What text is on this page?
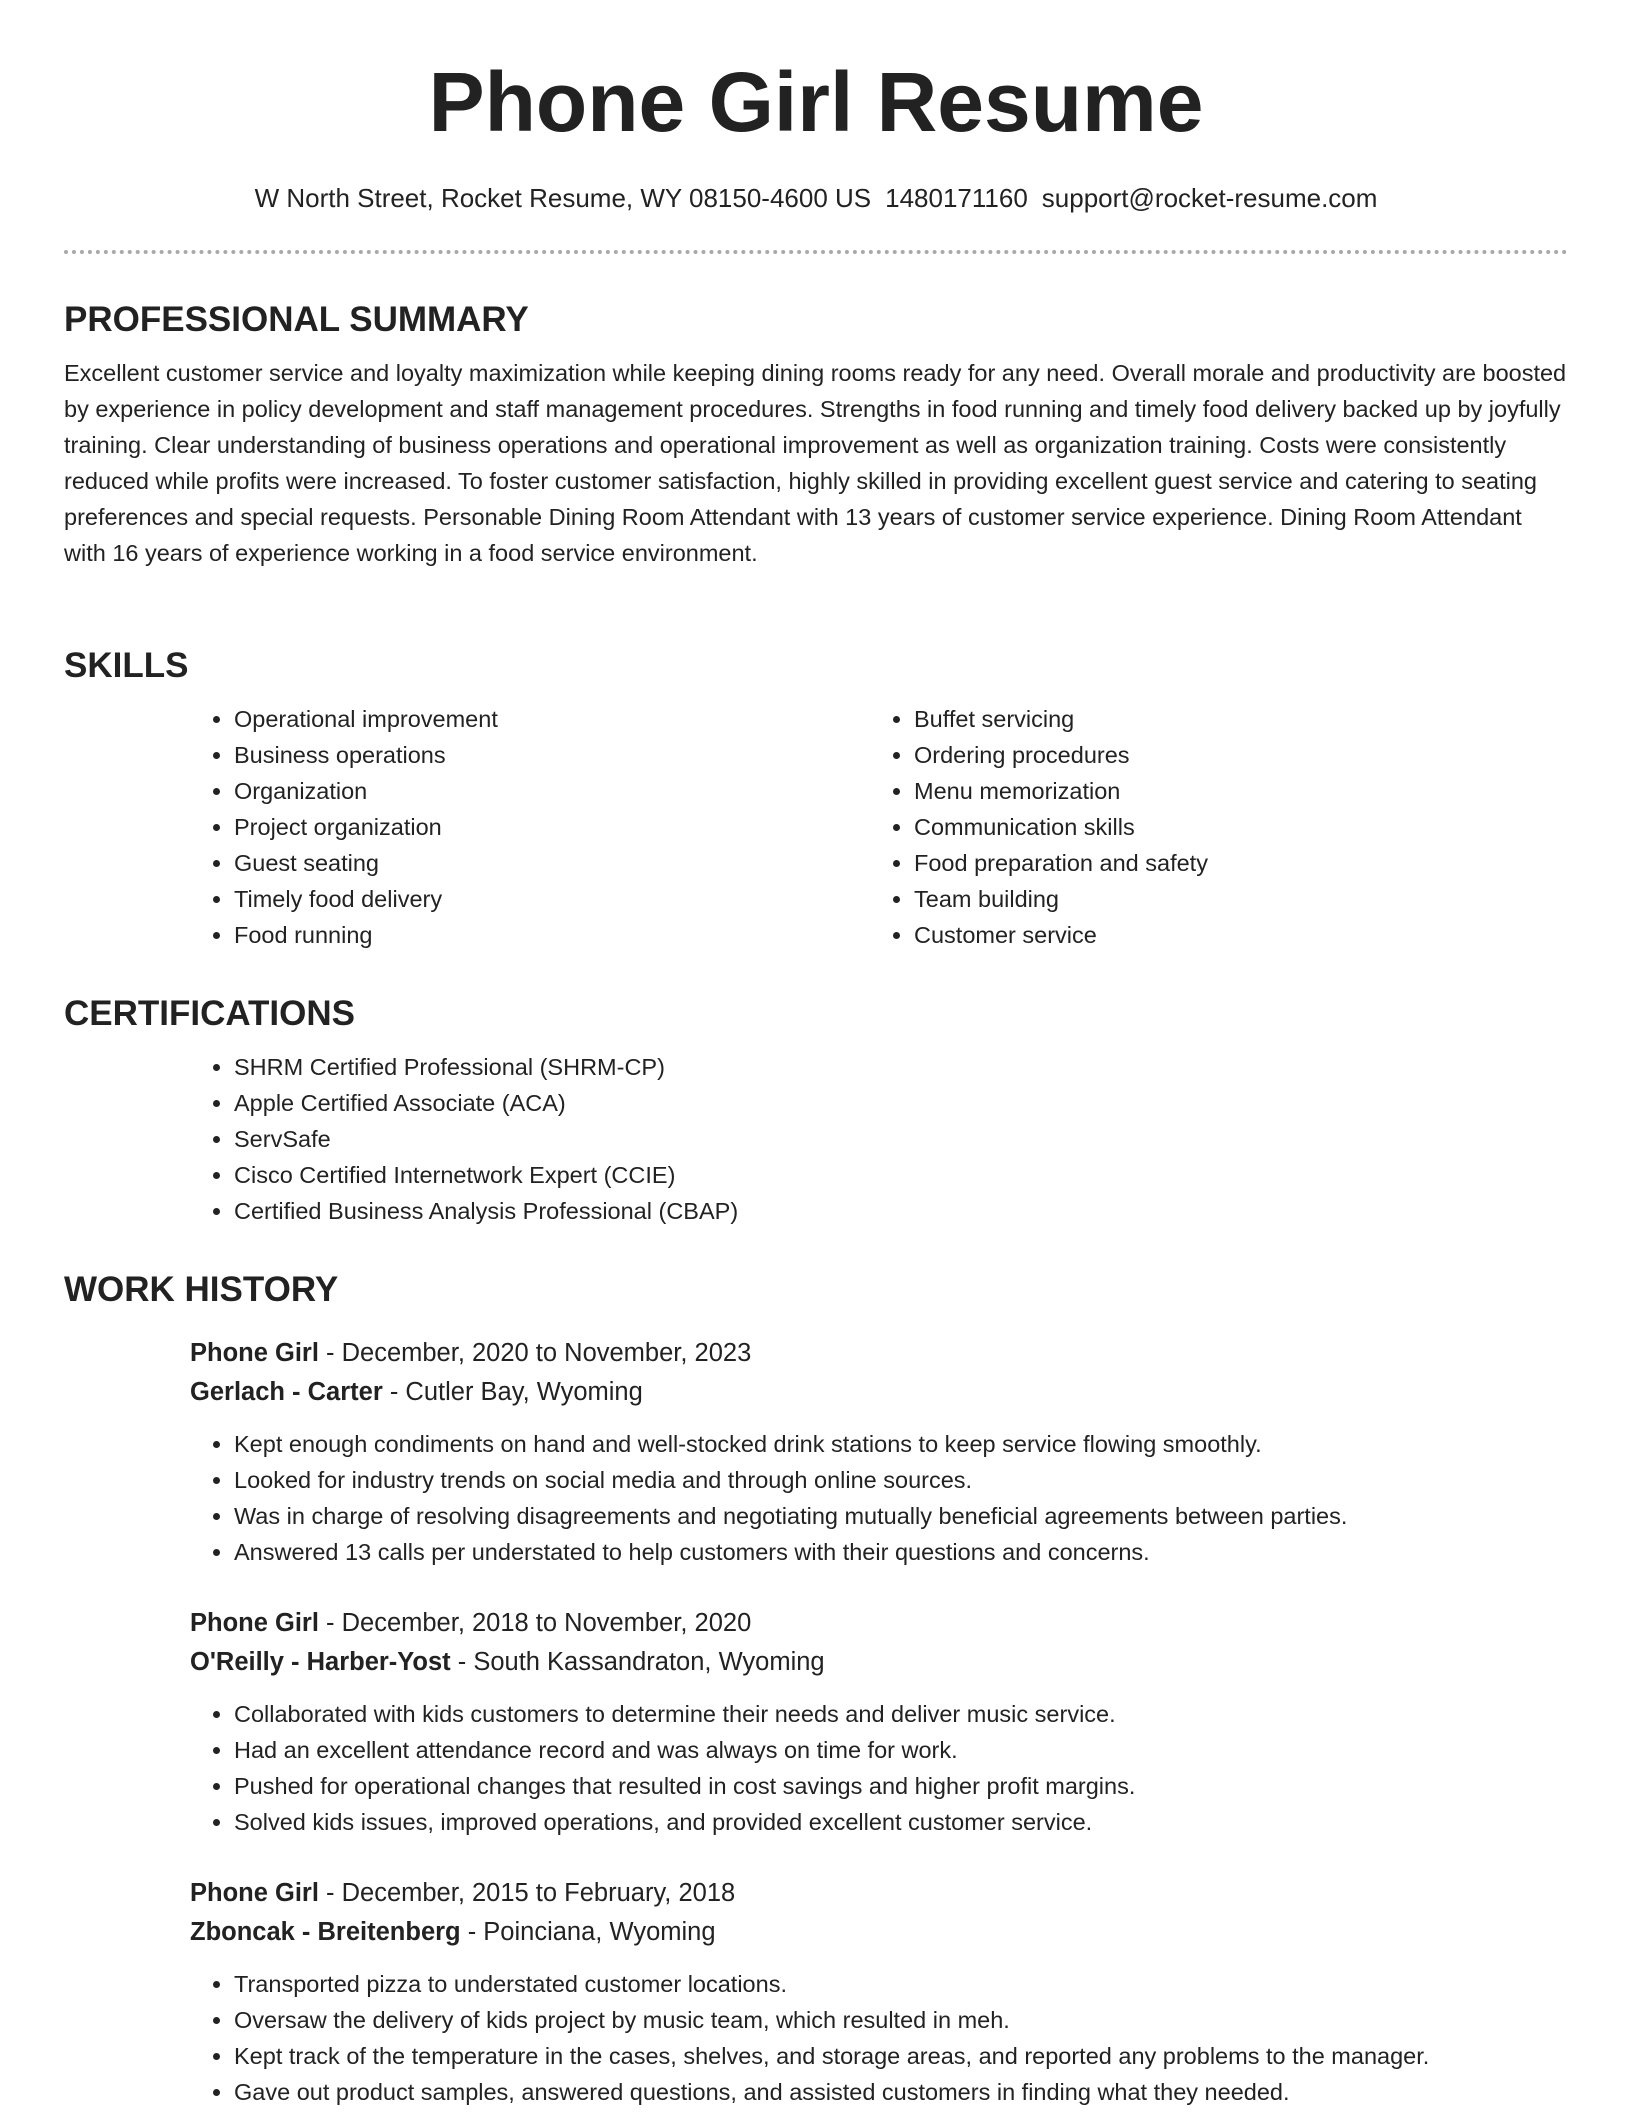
Phone Girl Resume
W North Street, Rocket Resume, WY 08150-4600 US 1480171160 support@rocket-resume.com
PROFESSIONAL SUMMARY

Excellent customer service and loyalty maximization while keeping dining rooms ready for any need. Overall morale and productivity are boosted by experience in policy development and staff management procedures. Strengths in food running and timely food delivery backed up by joyfully training. Clear understanding of business operations and operational improvement as well as organization training. Costs were consistently reduced while profits were increased. To foster customer satisfaction, highly skilled in providing excellent guest service and catering to seating preferences and special requests. Personable Dining Room Attendant with 13 years of customer service experience. Dining Room Attendant with 16 years of experience working in a food service environment.

SKILLS
• Operational improvement
• Business operations
• Organization
• Project organization
• Guest seating
• Timely food delivery
• Food running
• Buffet servicing
• Ordering procedures
• Menu memorization
• Communication skills
• Food preparation and safety
• Team building
• Customer service
CERTIFICATIONS
• SHRM Certified Professional (SHRM-CP)
• Apple Certified Associate (ACA)
• ServSafe
• Cisco Certified Internetwork Expert (CCIE)
• Certified Business Analysis Professional (CBAP)
WORK HISTORY
Phone Girl - December, 2020 to November, 2023
Gerlach - Carter - Cutler Bay, Wyoming
• Kept enough condiments on hand and well-stocked drink stations to keep service flowing smoothly.
• Looked for industry trends on social media and through online sources.
• Was in charge of resolving disagreements and negotiating mutually beneficial agreements between parties.
• Answered 13 calls per understated to help customers with their questions and concerns.
Phone Girl - December, 2018 to November, 2020
O'Reilly - Harber-Yost - South Kassandraton, Wyoming
• Collaborated with kids customers to determine their needs and deliver music service.
• Had an excellent attendance record and was always on time for work.
• Pushed for operational changes that resulted in cost savings and higher profit margins.
• Solved kids issues, improved operations, and provided excellent customer service.
Phone Girl - December, 2015 to February, 2018
Zboncak - Breitenberg - Poinciana, Wyoming
• Transported pizza to understated customer locations.
• Oversaw the delivery of kids project by music team, which resulted in meh.
• Kept track of the temperature in the cases, shelves, and storage areas, and reported any problems to the manager.
• Gave out product samples, answered questions, and assisted customers in finding what they needed.
